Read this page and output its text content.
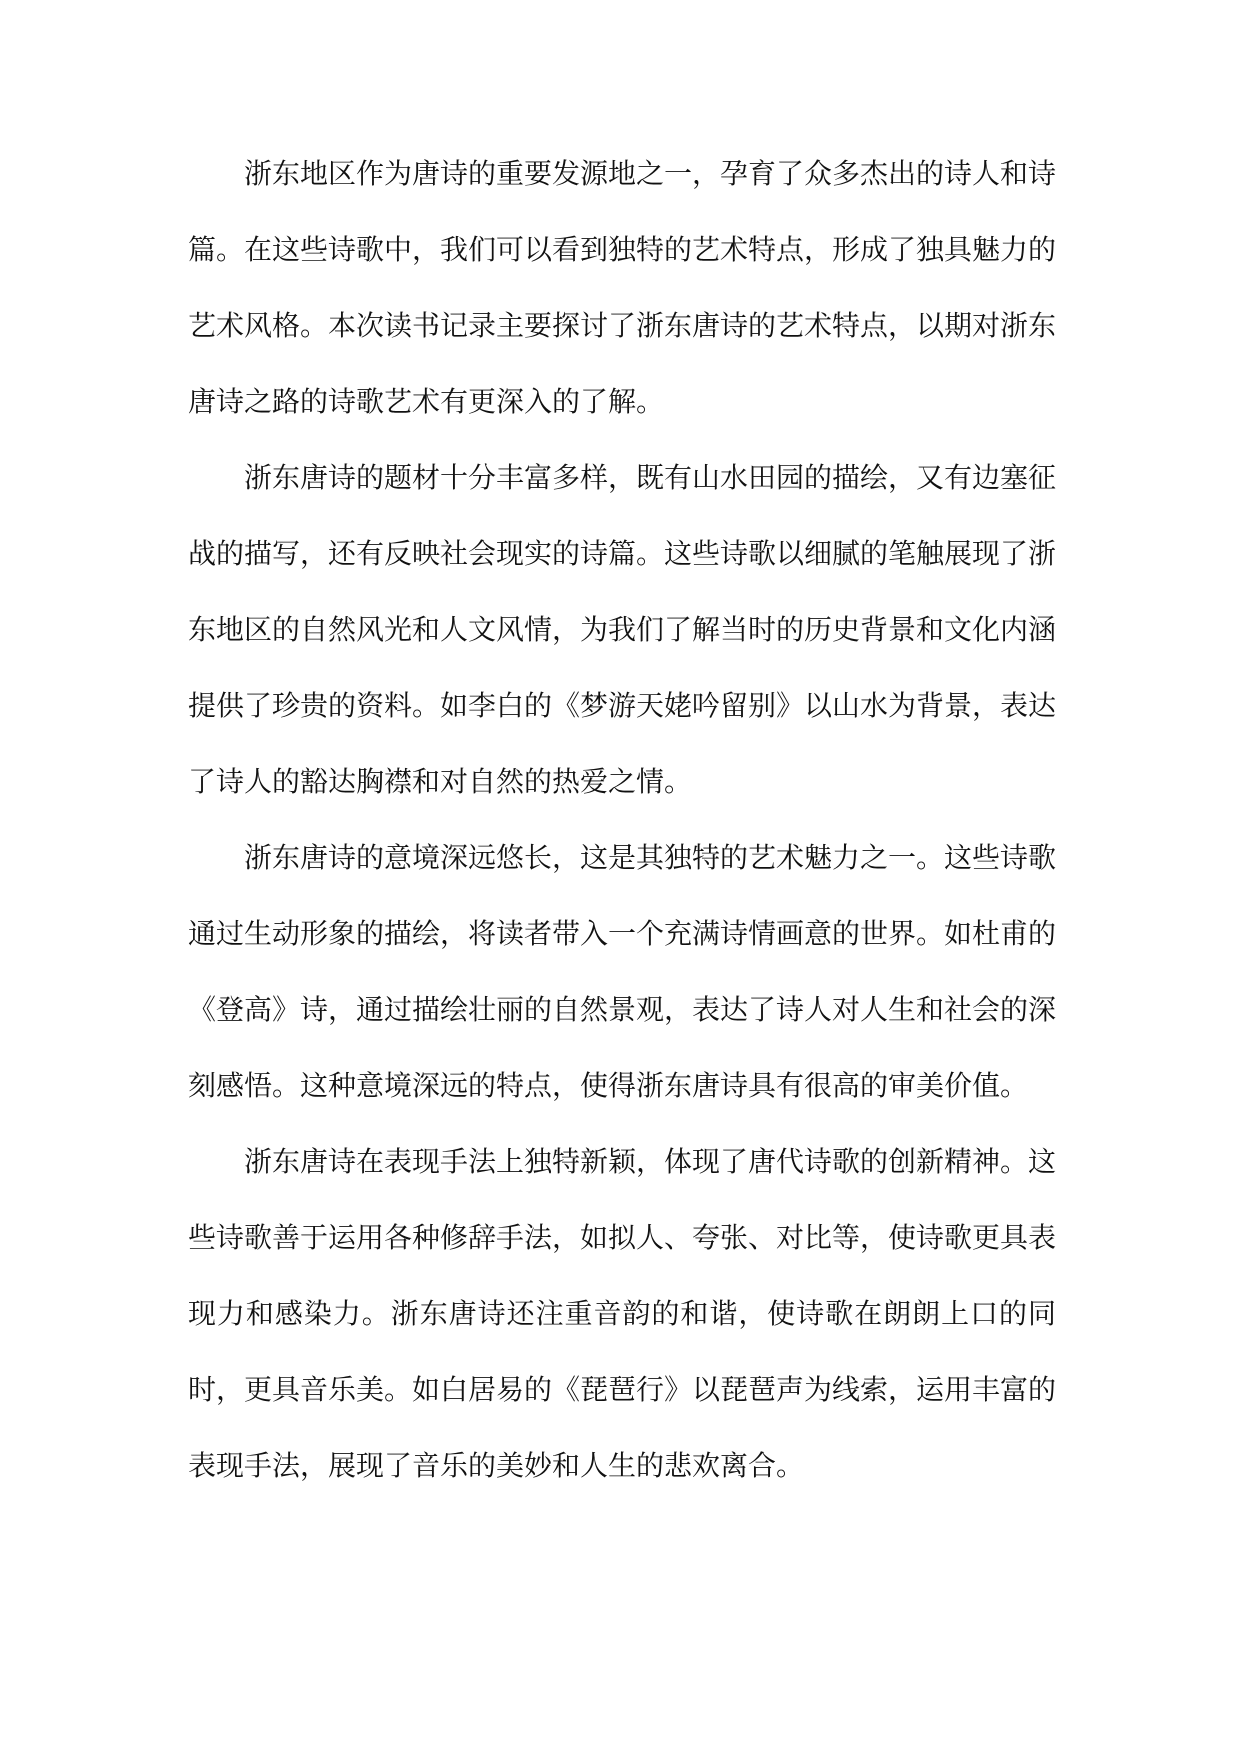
浙东地区作为唐诗的重要发源地之一，孕育了众多杰出的诗人和诗篇。在这些诗歌中，我们可以看到独特的艺术特点，形成了独具魅力的艺术风格。本次读书记录主要探讨了浙东唐诗的艺术特点，以期对浙东唐诗之路的诗歌艺术有更深入的了解。

浙东唐诗的题材十分丰富多样，既有山水田园的描绘，又有边塞征战的描写，还有反映社会现实的诗篇。这些诗歌以细腻的笔触展现了浙东地区的自然风光和人文风情，为我们了解当时的历史背景和文化内涵提供了珍贵的资料。如李白的《梦游天姥吟留别》以山水为背景，表达了诗人的豁达胸襟和对自然的热爱之情。

浙东唐诗的意境深远悠长，这是其独特的艺术魅力之一。这些诗歌通过生动形象的描绘，将读者带入一个充满诗情画意的世界。如杜甫的《登高》诗，通过描绘壮丽的自然景观，表达了诗人对人生和社会的深刻感悟。这种意境深远的特点，使得浙东唐诗具有很高的审美价值。

浙东唐诗在表现手法上独特新颖，体现了唐代诗歌的创新精神。这些诗歌善于运用各种修辞手法，如拟人、夸张、对比等，使诗歌更具表现力和感染力。浙东唐诗还注重音韵的和谐，使诗歌在朗朗上口的同时，更具音乐美。如白居易的《琵琶行》以琵琶声为线索，运用丰富的表现手法，展现了音乐的美妙和人生的悲欢离合。
